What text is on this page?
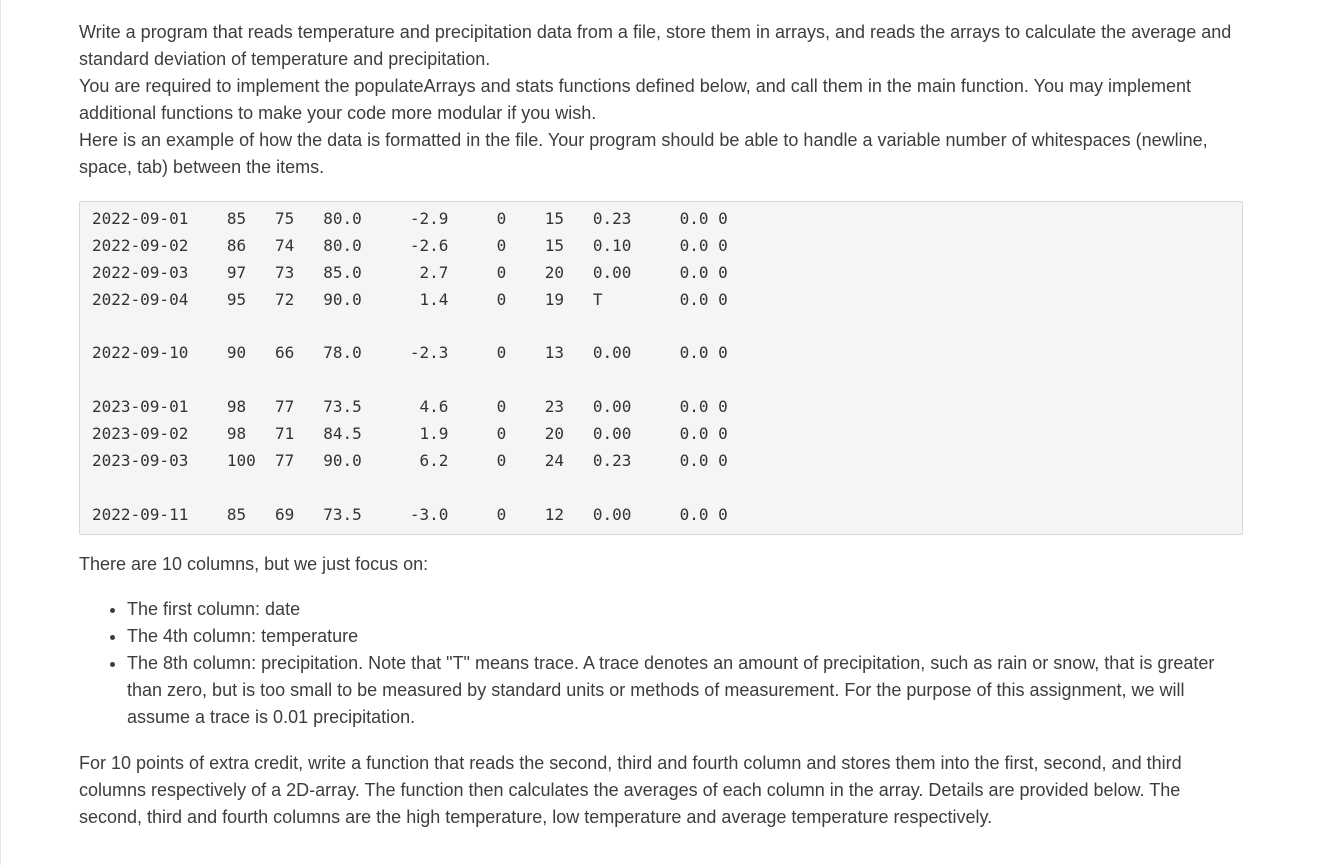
Write a program that reads temperature and precipitation data from a file, store them in arrays, and reads the arrays to calculate the average and standard deviation of temperature and precipitation.

You are required to implement the populateArrays and stats functions defined below, and call them in the main function. You may implement additional functions to make your code more modular if you wish.

Here is an example of how the data is formatted in the file. Your program should be able to handle a variable number of whitespaces (newline, space, tab) between the items.

2022-09-01    85   75   80.0     -2.9     0    15   0.23     0.0 0
2022-09-02    86   74   80.0     -2.6     0    15   0.10     0.0 0
2022-09-03    97   73   85.0      2.7     0    20   0.00     0.0 0
2022-09-04    95   72   90.0      1.4     0    19   T        0.0 0
2022-09-10    90   66   78.0     -2.3     0    13   0.00     0.0 0
2023-09-01    98   77   73.5      4.6     0    23   0.00     0.0 0
2023-09-02    98   71   84.5      1.9     0    20   0.00     0.0 0
2023-09-03    100  77   90.0      6.2     0    24   0.23     0.0 0
2022-09-11    85   69   73.5     -3.0     0    12   0.00     0.0 0
There are 10 columns, but we just focus on:
• The first column: date
• The 4th column: temperature
• The 8th column: precipitation. Note that "T" means trace. A trace denotes an amount of precipitation, such as rain or snow, that is greater than zero, but is too small to be measured by standard units or methods of measurement. For the purpose of this assignment, we will assume a trace is 0.01 precipitation.
For 10 points of extra credit, write a function that reads the second, third and fourth column and stores them into the first, second, and third columns respectively of a 2D-array. The function then calculates the averages of each column in the array. Details are provided below. The second, third and fourth columns are the high temperature, low temperature and average temperature respectively.
